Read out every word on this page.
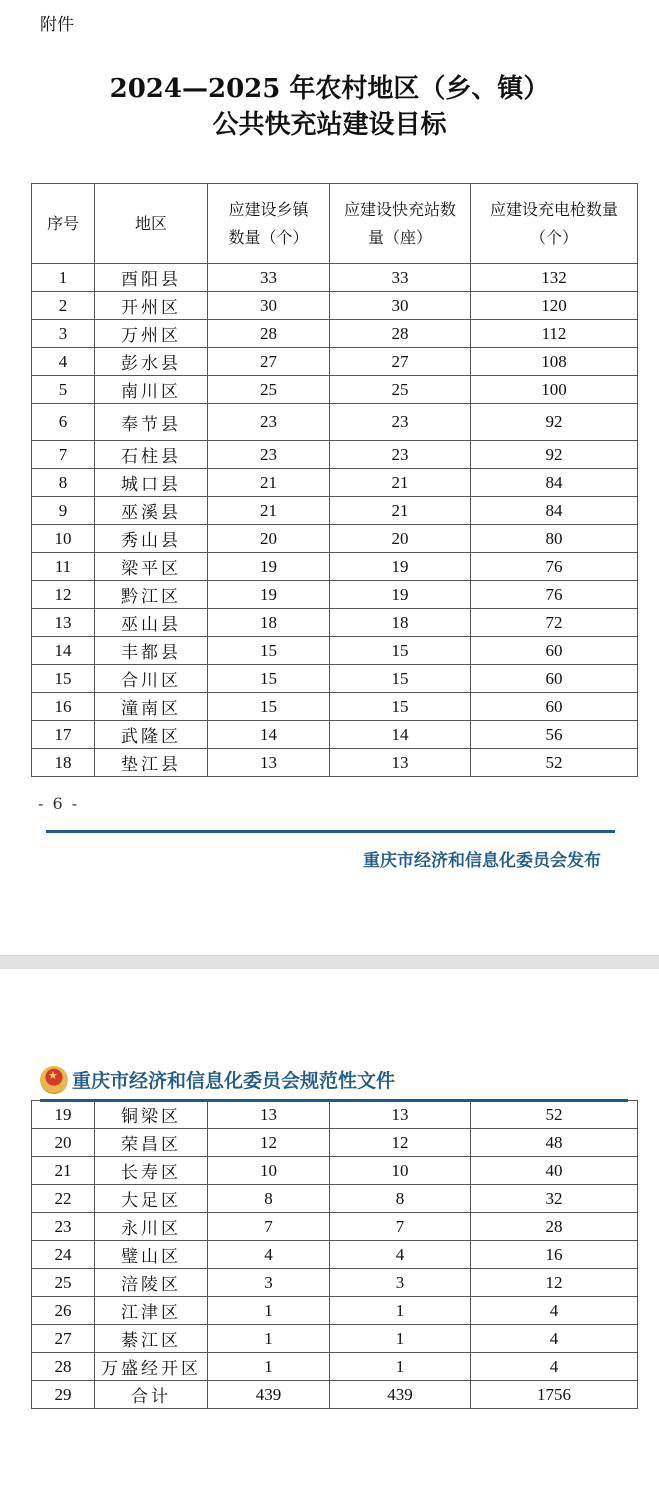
附件
2024—2025 年农村地区（乡、镇）
公共快充站建设目标
序号	地区	应建设乡镇数量（个）	应建设快充站数量（座）	应建设充电枪数量（个）
1	酉阳县	33	33	132
2	开州区	30	30	120
3	万州区	28	28	112
4	彭水县	27	27	108
5	南川区	25	25	100
6	奉节县	23	23	92
7	石柱县	23	23	92
8	城口县	21	21	84
9	巫溪县	21	21	84
10	秀山县	20	20	80
11	梁平区	19	19	76
12	黔江区	19	19	76
13	巫山县	18	18	72
14	丰都县	15	15	60
15	合川区	15	15	60
16	潼南区	15	15	60
17	武隆区	14	14	56
18	垫江县	13	13	52
- 6 -
重庆市经济和信息化委员会发布
★
重庆市经济和信息化委员会规范性文件
19	铜梁区	13	13	52
20	荣昌区	12	12	48
21	长寿区	10	10	40
22	大足区	8	8	32
23	永川区	7	7	28
24	璧山区	4	4	16
25	涪陵区	3	3	12
26	江津区	1	1	4
27	綦江区	1	1	4
28	万盛经开区	1	1	4
29	合计	439	439	1756
